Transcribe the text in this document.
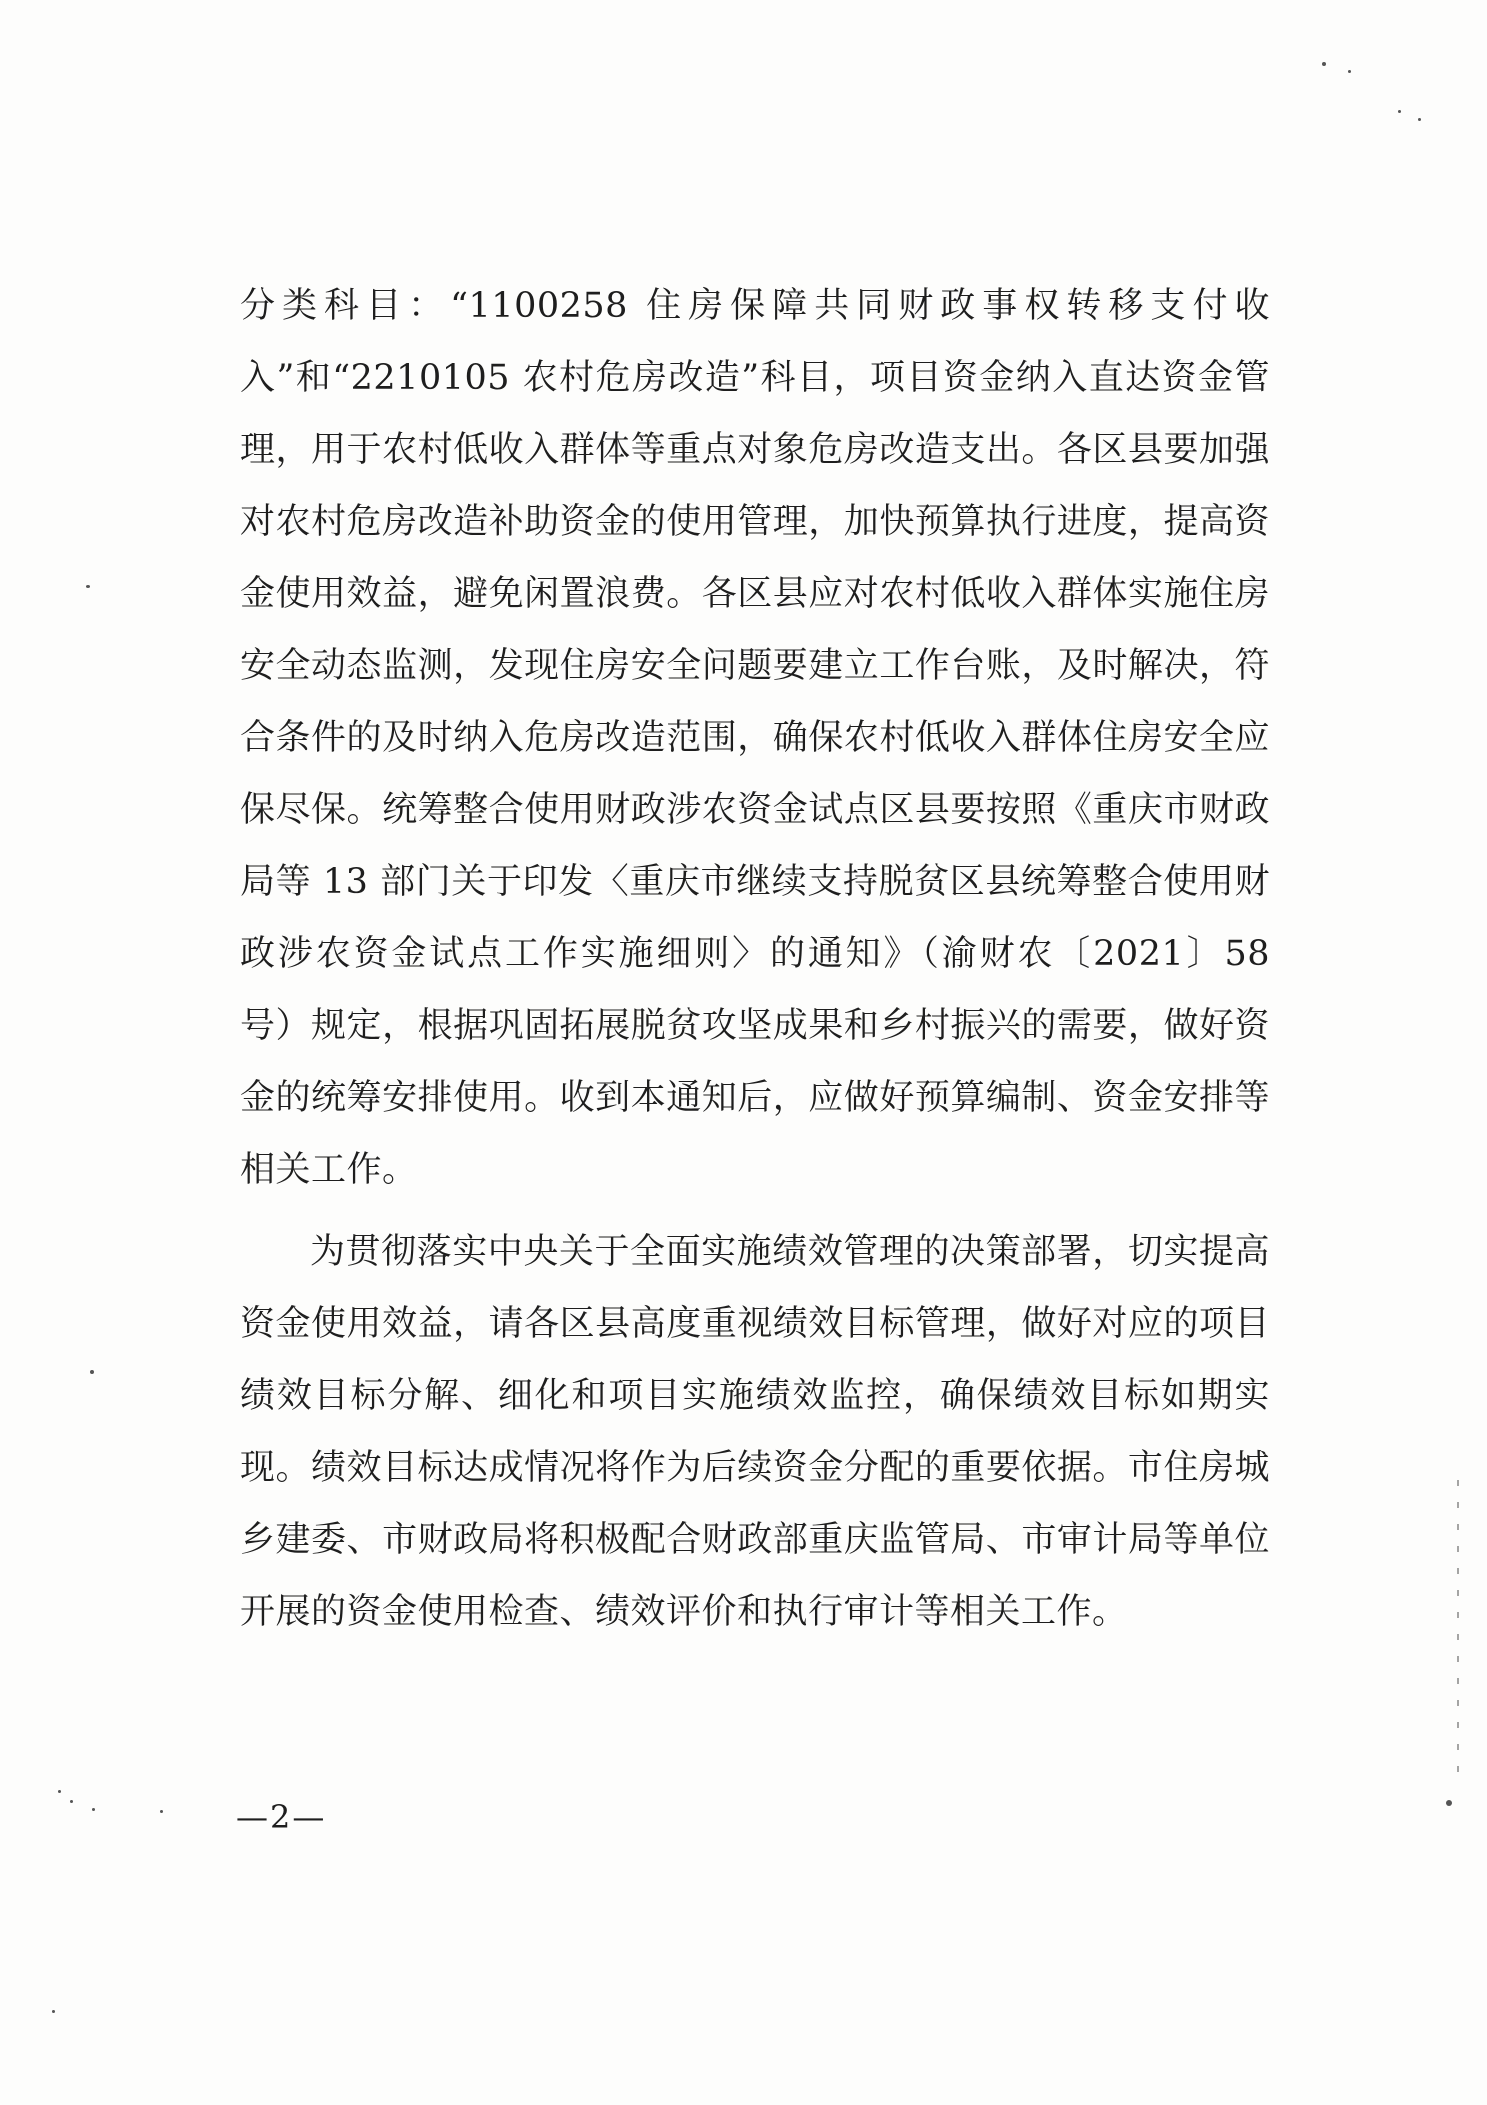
分类科目：“1100258 住房保障共同财政事权转移支付收入”和“2210105 农村危房改造”科目，项目资金纳入直达资金管理，用于农村低收入群体等重点对象危房改造支出。各区县要加强对农村危房改造补助资金的使用管理，加快预算执行进度，提高资金使用效益，避免闲置浪费。各区县应对农村低收入群体实施住房安全动态监测，发现住房安全问题要建立工作台账，及时解决，符合条件的及时纳入危房改造范围，确保农村低收入群体住房安全应保尽保。统筹整合使用财政涉农资金试点区县要按照《重庆市财政局等 13 部门关于印发〈重庆市继续支持脱贫区县统筹整合使用财政涉农资金试点工作实施细则〉的通知》（渝财农〔2021〕58 号）规定，根据巩固拓展脱贫攻坚成果和乡村振兴的需要，做好资金的统筹安排使用。收到本通知后，应做好预算编制、资金安排等相关工作。

为贯彻落实中央关于全面实施绩效管理的决策部署，切实提高资金使用效益，请各区县高度重视绩效目标管理，做好对应的项目绩效目标分解、细化和项目实施绩效监控，确保绩效目标如期实现。绩效目标达成情况将作为后续资金分配的重要依据。市住房城乡建委、市财政局将积极配合财政部重庆监管局、市审计局等单位开展的资金使用检查、绩效评价和执行审计等相关工作。

—2—
